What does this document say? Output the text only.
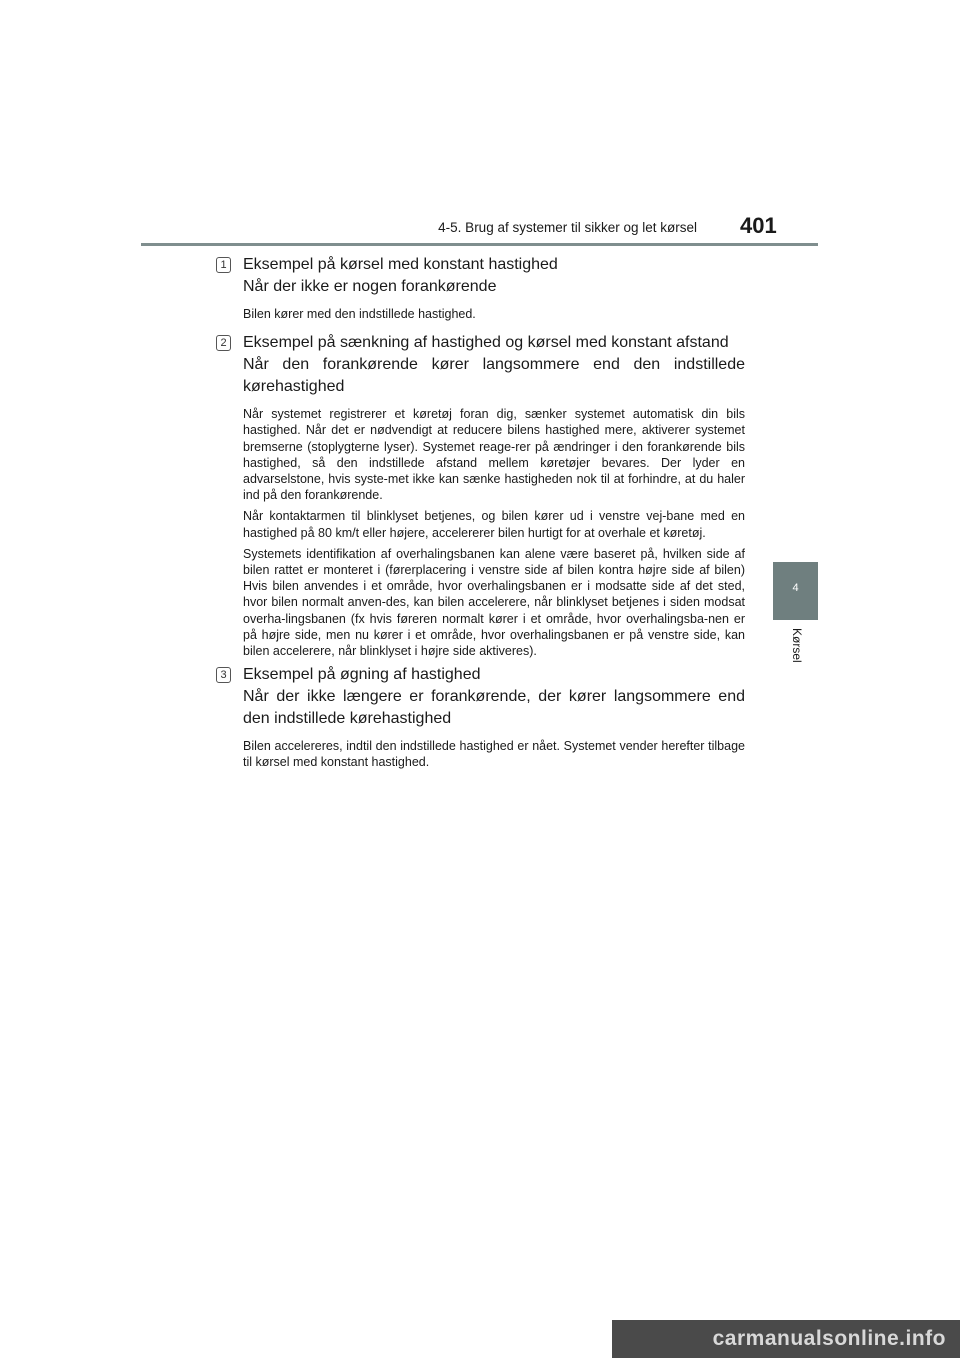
4-5. Brug af systemer til sikker og let kørsel 401
4
Kørsel
1 Eksempel på kørsel med konstant hastighed
Når der ikke er nogen forankørende

Bilen kører med den indstillede hastighed.

2 Eksempel på sænkning af hastighed og kørsel med konstant afstand
Når den forankørende kører langsommere end den indstillede kørehastighed

Når systemet registrerer et køretøj foran dig, sænker systemet automatisk din bils hastighed. Når det er nødvendigt at reducere bilens hastighed mere, aktiverer systemet bremserne (stoplygterne lyser). Systemet reage-rer på ændringer i den forankørende bils hastighed, så den indstillede afstand mellem køretøjer bevares. Der lyder en advarselstone, hvis syste-met ikke kan sænke hastigheden nok til at forhindre, at du haler ind på den forankørende.

Når kontaktarmen til blinklyset betjenes, og bilen kører ud i venstre vej-bane med en hastighed på 80 km/t eller højere, accelererer bilen hurtigt for at overhale et køretøj.

Systemets identifikation af overhalingsbanen kan alene være baseret på, hvilken side af bilen rattet er monteret i (førerplacering i venstre side af bilen kontra højre side af bilen) Hvis bilen anvendes i et område, hvor overhalingsbanen er i modsatte side af det sted, hvor bilen normalt anven-des, kan bilen accelerere, når blinklyset betjenes i siden modsat overha-lingsbanen (fx hvis føreren normalt kører i et område, hvor overhalingsba-nen er på højre side, men nu kører i et område, hvor overhalingsbanen er på venstre side, kan bilen accelerere, når blinklyset i højre side aktiveres).

3 Eksempel på øgning af hastighed
Når der ikke længere er forankørende, der kører langsommere end den indstillede kørehastighed

Bilen accelereres, indtil den indstillede hastighed er nået. Systemet vender herefter tilbage til kørsel med konstant hastighed.

carmanualsonline.info
